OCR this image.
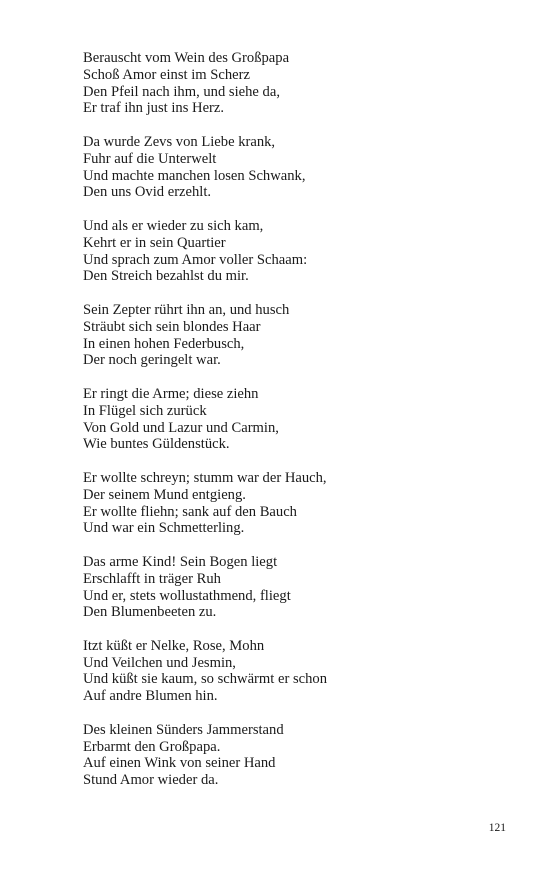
Berauscht vom Wein des Großpapa
Schoß Amor einst im Scherz
Den Pfeil nach ihm, und siehe da,
Er traf ihn just ins Herz.
Da wurde Zevs von Liebe krank,
Fuhr auf die Unterwelt
Und machte manchen losen Schwank,
Den uns Ovid erzehlt.
Und als er wieder zu sich kam,
Kehrt er in sein Quartier
Und sprach zum Amor voller Schaam:
Den Streich bezahlst du mir.
Sein Zepter rührt ihn an, und husch
Sträubt sich sein blondes Haar
In einen hohen Federbusch,
Der noch geringelt war.
Er ringt die Arme; diese ziehn
In Flügel sich zurück
Von Gold und Lazur und Carmin,
Wie buntes Güldenstück.
Er wollte schreyn; stumm war der Hauch,
Der seinem Mund entgieng.
Er wollte fliehn; sank auf den Bauch
Und war ein Schmetterling.
Das arme Kind! Sein Bogen liegt
Erschlafft in träger Ruh
Und er, stets wollustathmend, fliegt
Den Blumenbeeten zu.
Itzt küßt er Nelke, Rose, Mohn
Und Veilchen und Jesmin,
Und küßt sie kaum, so schwärmt er schon
Auf andre Blumen hin.
Des kleinen Sünders Jammerstand
Erbarmt den Großpapa.
Auf einen Wink von seiner Hand
Stund Amor wieder da.
121
